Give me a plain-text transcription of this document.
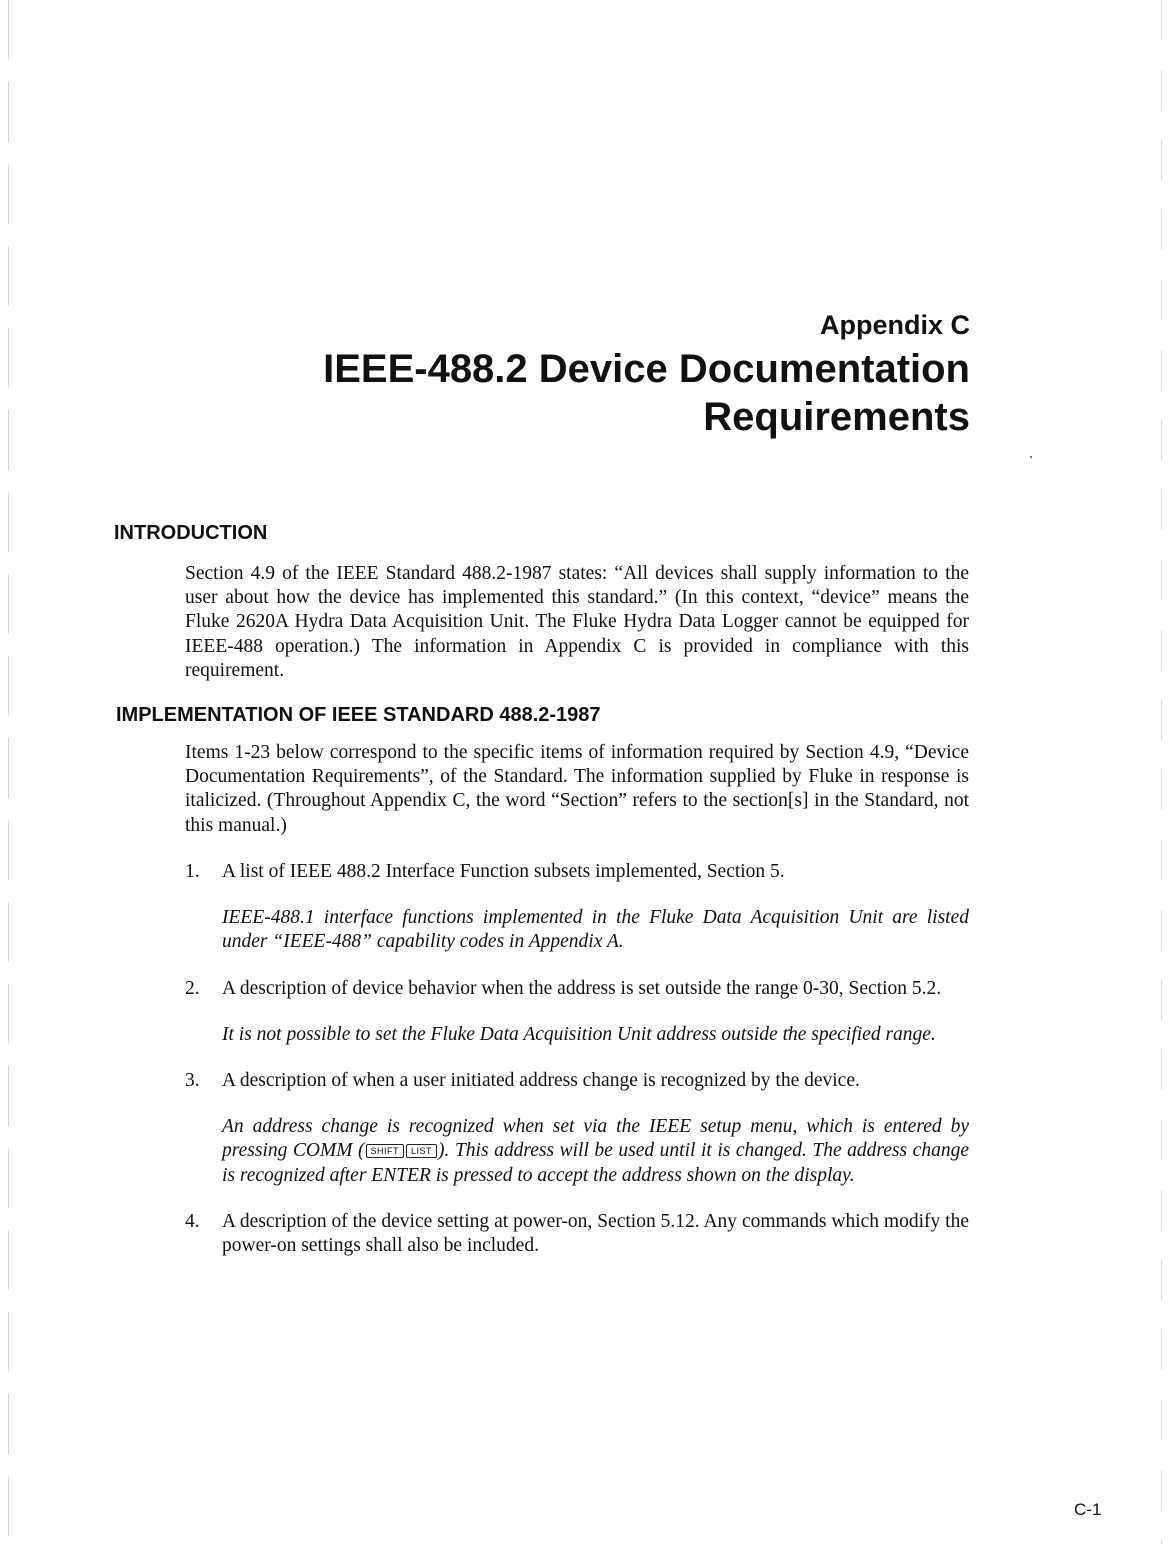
Appendix C
IEEE-488.2 Device Documentation
Requirements
INTRODUCTION

Section 4.9 of the IEEE Standard 488.2-1987 states: “All devices shall supply information to the user about how the device has implemented this standard.” (In this context, “device” means the Fluke 2620A Hydra Data Acquisition Unit. The Fluke Hydra Data Logger cannot be equipped for IEEE-488 operation.) The information in Appendix C is provided in compliance with this requirement.

IMPLEMENTATION OF IEEE STANDARD 488.2-1987

Items 1-23 below correspond to the specific items of information required by Section 4.9, “Device Documentation Requirements”, of the Standard. The information supplied by Fluke in response is italicized. (Throughout Appendix C, the word “Section” refers to the section[s] in the Standard, not this manual.)

1. A list of IEEE 488.2 Interface Function subsets implemented, Section 5.

IEEE-488.1 interface functions implemented in the Fluke Data Acquisition Unit are listed under “IEEE-488” capability codes in Appendix A.

2. A description of device behavior when the address is set outside the range 0-30, Section 5.2.

It is not possible to set the Fluke Data Acquisition Unit address outside the specified range.

3. A description of when a user initiated address change is recognized by the device.

An address change is recognized when set via the IEEE setup menu, which is entered by pressing COMM ( SHIFT LIST ). This address will be used until it is changed. The address change is recognized after ENTER is pressed to accept the address shown on the display.

4. A description of the device setting at power-on, Section 5.12. Any commands which modify the power-on settings shall also be included.

C-1
